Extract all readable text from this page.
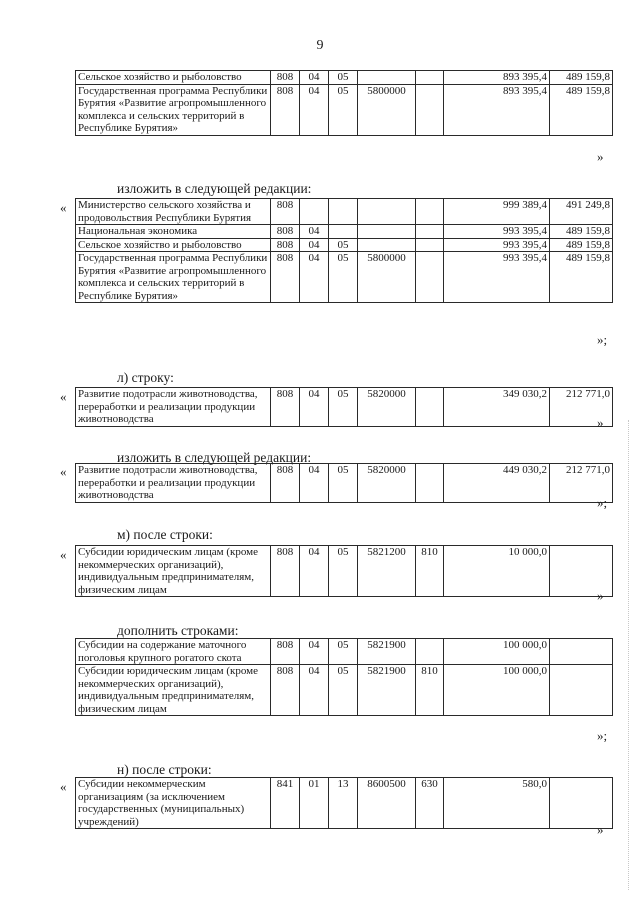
9
Сельское хозяйство и рыболовство	808	04	05			893 395,4	489 159,8
Государственная программа Республики Бурятия «Развитие агропромышленного комплекса и сельских территорий в Республике Бурятия»	808	04	05	5800000		893 395,4	489 159,8
»
излoжить в следующей редакции:
« Министерство сельского хозяйства и продовольствия Республики Бурятия	808					999 389,4	491 249,8
Национальная экономика	808	04				993 395,4	489 159,8
Сельское хозяйство и рыболовство	808	04	05			993 395,4	489 159,8
Государственная программа Республики Бурятия «Развитие агропромышленного комплекса и сельских территорий в Республике Бурятия»	808	04	05	5800000		993 395,4	489 159,8
»;
л) строку:
« Развитие подотрасли животноводства, переработки и реализации продукции животноводства	808	04	05	5820000		349 030,2	212 771,0
»
изложить в следующей редакции:
« Развитие подотрасли животноводства, переработки и реализации продукции животноводства	808	04	05	5820000		449 030,2	212 771,0
»;
м) после строки:
« Субсидии юридическим лицам (кроме некоммерческих организаций), индивидуальным предпринимателям, физическим лицам	808	04	05	5821200	810	10 000,0	
»
дополнить строками:
Субсидии на содержание маточного поголовья крупного рогатого скота	808	04	05	5821900		100 000,0	
Субсидии юридическим лицам (кроме некоммерческих организаций), индивидуальным предпринимателям, физическим лицам	808	04	05	5821900	810	100 000,0	
»;
н) после строки:
« Субсидии некоммерческим организациям (за исключением государственных (муниципальных) учреждений)	841	01	13	8600500	630	580,0	
»
